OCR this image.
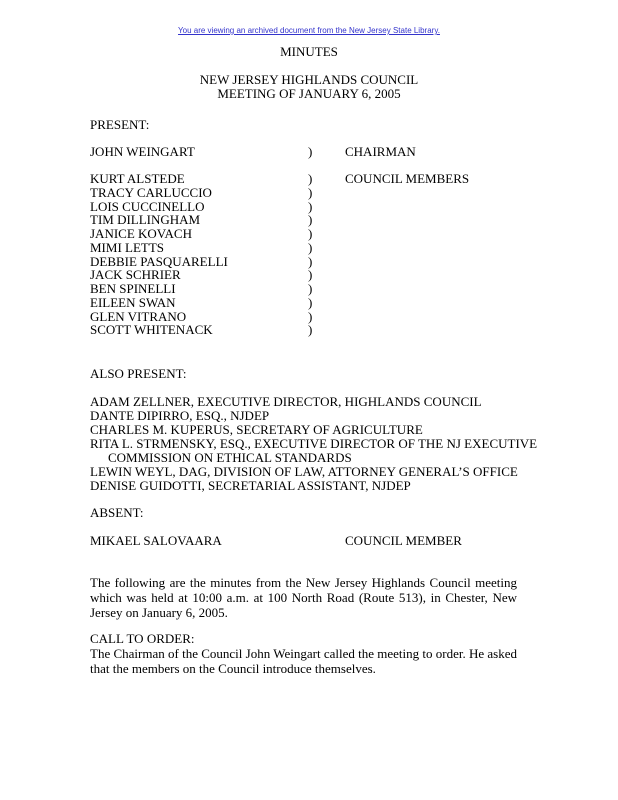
You are viewing an archived document from the New Jersey State Library.
MINUTES
NEW JERSEY HIGHLANDS COUNCIL
MEETING OF JANUARY 6, 2005
PRESENT:
JOHN WEINGART	)	CHAIRMAN
KURT ALSTEDE	)	COUNCIL MEMBERS
TRACY CARLUCCIO	)
LOIS CUCCINELLO	)
TIM DILLINGHAM	)
JANICE KOVACH	)
MIMI LETTS	)
DEBBIE PASQUARELLI	)
JACK SCHRIER	)
BEN SPINELLI	)
EILEEN SWAN	)
GLEN VITRANO	)
SCOTT WHITENACK	)
ALSO PRESENT:
ADAM ZELLNER, EXECUTIVE DIRECTOR, HIGHLANDS COUNCIL
DANTE DIPIRRO, ESQ., NJDEP
CHARLES M. KUPERUS, SECRETARY OF AGRICULTURE
RITA L. STRMENSKY, ESQ., EXECUTIVE DIRECTOR OF THE NJ EXECUTIVE
COMMISSION ON ETHICAL STANDARDS
LEWIN WEYL, DAG, DIVISION OF LAW, ATTORNEY GENERAL’S OFFICE
DENISE GUIDOTTI, SECRETARIAL ASSISTANT, NJDEP
ABSENT:
MIKAEL SALOVAARA	COUNCIL MEMBER
The following are the minutes from the New Jersey Highlands Council meeting which was held at 10:00 a.m. at 100 North Road (Route 513), in Chester, New Jersey on January 6, 2005.
CALL TO ORDER:
The Chairman of the Council John Weingart called the meeting to order. He asked that the members on the Council introduce themselves.
